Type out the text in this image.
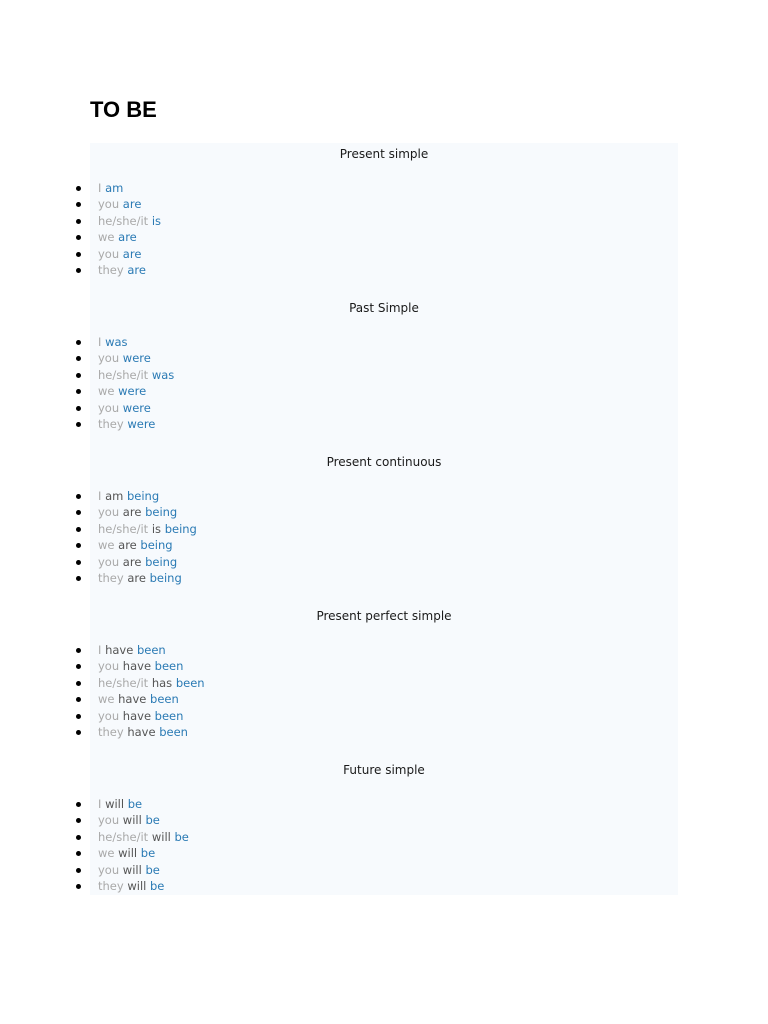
TO BE
Present simple
I am
you are
he/she/it is
we are
you are
they are
Past Simple
I was
you were
he/she/it was
we were
you were
they were
Present continuous
I am being
you are being
he/she/it is being
we are being
you are being
they are being
Present perfect simple
I have been
you have been
he/she/it has been
we have been
you have been
they have been
Future simple
I will be
you will be
he/she/it will be
we will be
you will be
they will be
